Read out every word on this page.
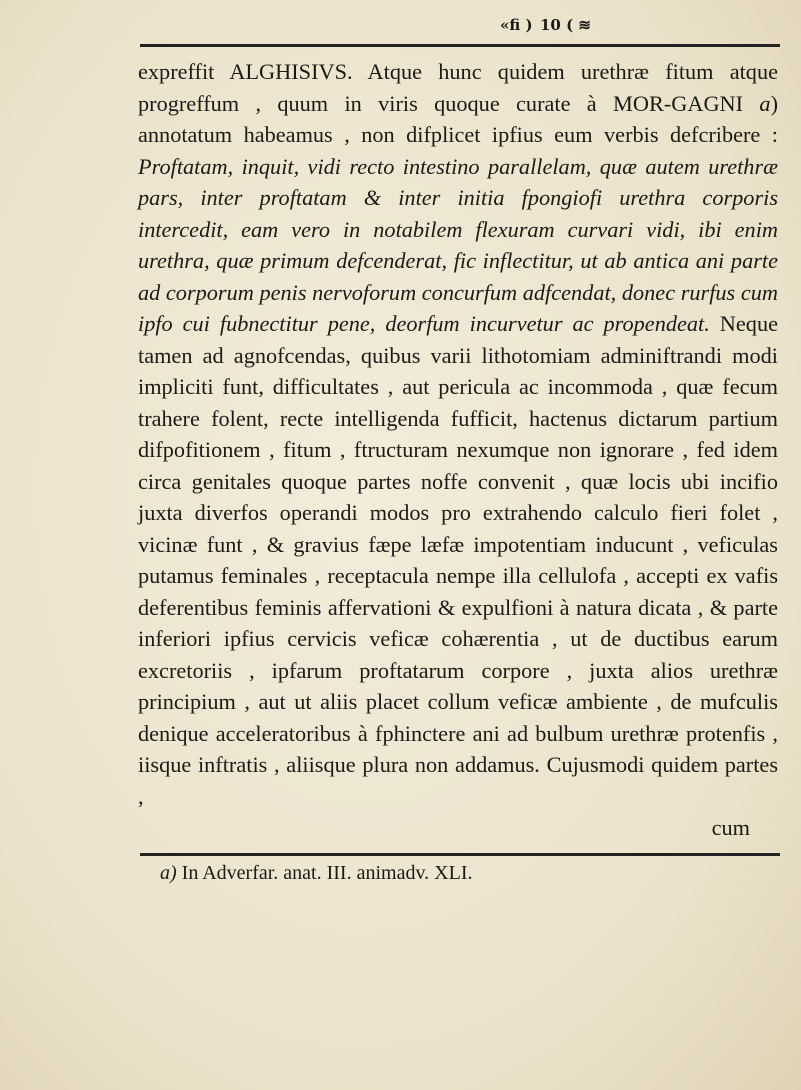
«ﬁ ) 10 ( ≋

expreffit ALGHISIVS. Atque hunc quidem urethræ fitum atque progreffum , quum in viris quoque curate à MOR-GAGNI a) annotatum habeamus , non difplicet ipfius eum verbis defcribere : Proftatam, inquit, vidi recto intestino parallelam, quæ autem urethræ pars, inter proftatam & inter initia fpongiofi urethra corporis intercedit, eam vero in notabilem flexuram curvari vidi, ibi enim urethra, quæ primum defcenderat, fic inflectitur, ut ab antica ani parte ad corporum penis nervoforum concurfum adfcendat, donec rurfus cum ipfo cui fubnectitur pene, deorfum incurvetur ac propendeat. Neque tamen ad agnofcendas, quibus varii lithotomiam adminiftrandi modi impliciti funt, difficultates , aut pericula ac incommoda , quæ fecum trahere folent, recte intelligenda fufficit, hactenus dictarum partium difpofitionem , fitum , ftructuram nexumque non ignorare , fed idem circa genitales quoque partes noffe convenit , quæ locis ubi incifio juxta diverfos operandi modos pro extrahendo calculo fieri folet , vicinæ funt , & gravius fæpe læfæ impotentiam inducunt , veficulas putamus feminales , receptacula nempe illa cellulofa , accepti ex vafis deferentibus feminis affervationi & expulfioni à natura dicata , & parte inferiori ipfius cervicis veficæ cohærentia , ut de ductibus earum excretoriis , ipfarum proftatarum corpore , juxta alios urethræ principium , aut ut aliis placet collum veficæ ambiente , de mufculis denique acceleratoribus à fphinctere ani ad bulbum urethræ protenfis , iisque inftratis , aliisque plura non addamus. Cujusmodi quidem partes ,
cum

a) In Adverfar. anat. III. animadv. XLI.
